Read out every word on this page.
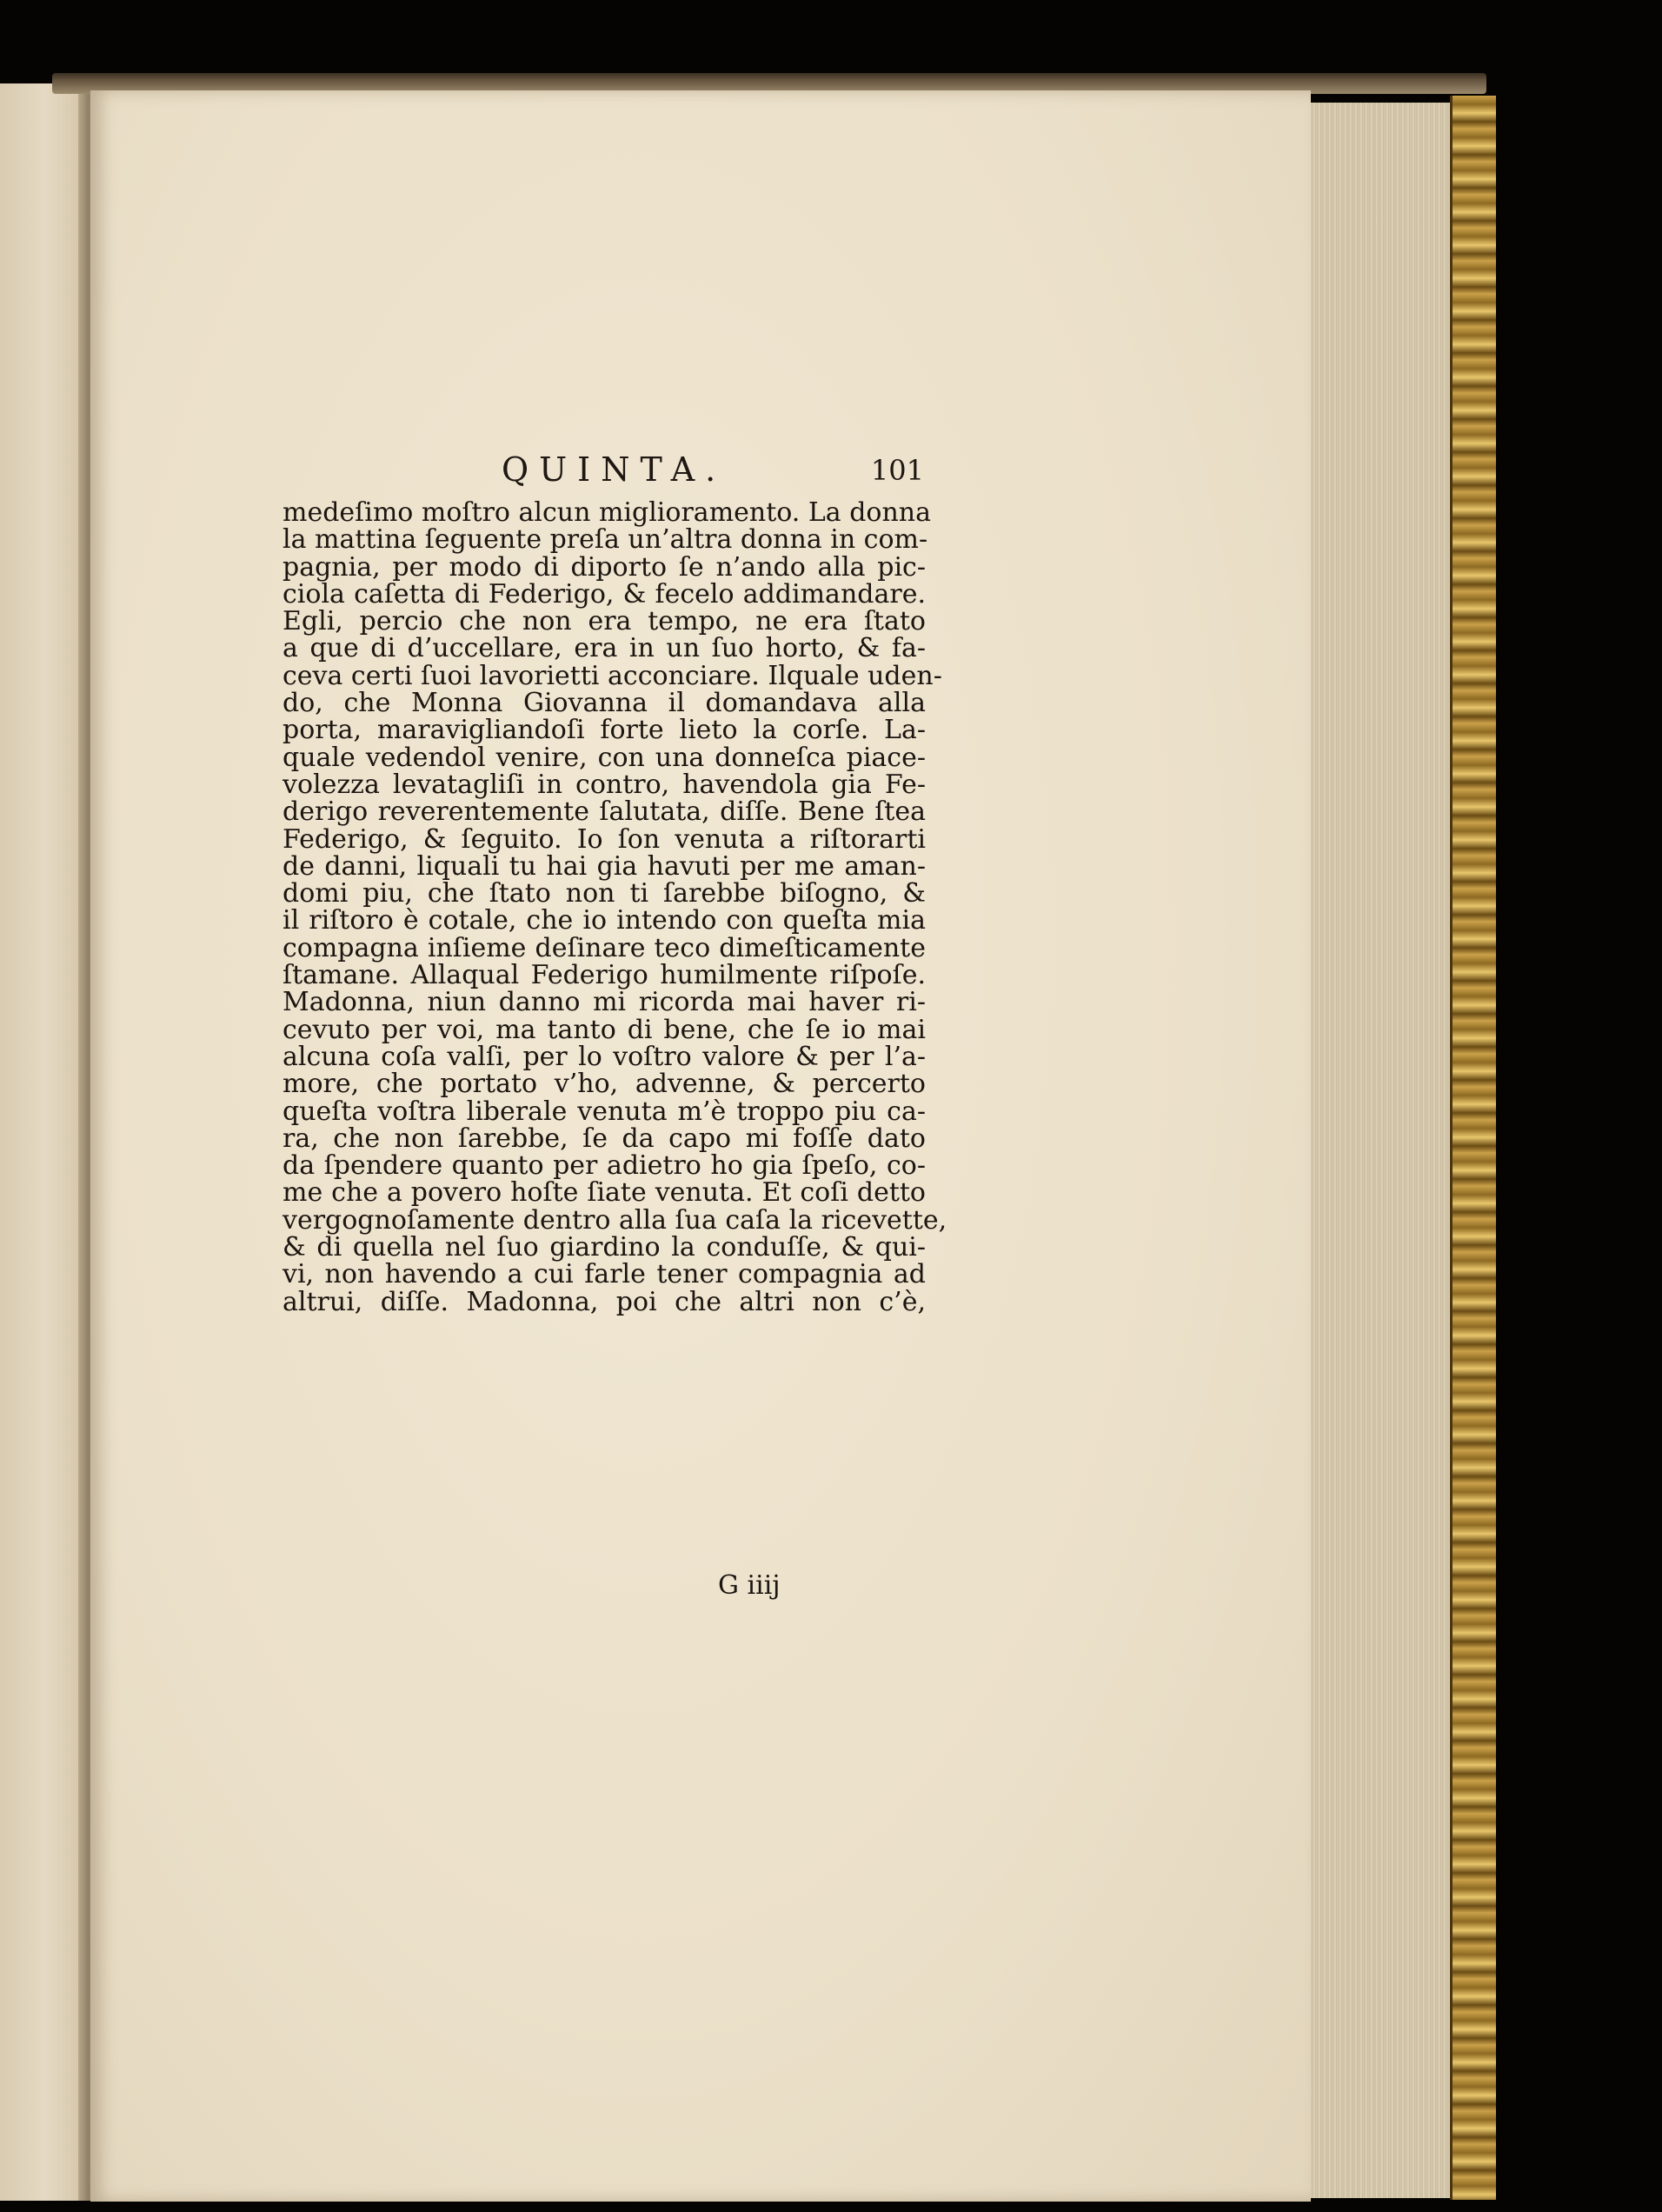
QUINTA.	101
medeſimo moſtro alcun miglioramento. La donna
la mattina ſeguente preſa un’altra donna in com-
pagnia, per modo di diporto ſe n’ando alla pic-
ciola caſetta di Federigo, & fecelo addimandare.
Egli, percio che non era tempo, ne era ſtato
a que di d’uccellare, era in un ſuo horto, & fa-
ceva certi ſuoi lavorietti acconciare. Ilquale uden-
do, che Monna Giovanna il domandava alla
porta, maravigliandoſi forte lieto la corſe. La-
quale vedendol venire, con una donneſca piace-
volezza levatagliſi in contro, havendola gia Fe-
derigo reverentemente ſalutata, diſſe. Bene ſtea
Federigo, & ſeguito. Io ſon venuta a riſtorarti
de danni, liquali tu hai gia havuti per me aman-
domi piu, che ſtato non ti ſarebbe biſogno, &
il riſtoro è cotale, che io intendo con queſta mia
compagna inſieme deſinare teco dimeſticamente
ſtamane. Allaqual Federigo humilmente riſpoſe.
Madonna, niun danno mi ricorda mai haver ri-
cevuto per voi, ma tanto di bene, che ſe io mai
alcuna coſa valſi, per lo voſtro valore & per l’a-
more, che portato v’ho, advenne, & percerto
queſta voſtra liberale venuta m’è troppo piu ca-
ra, che non ſarebbe, ſe da capo mi foſſe dato
da ſpendere quanto per adietro ho gia ſpeſo, co-
me che a povero hoſte ſiate venuta. Et coſi detto
vergognoſamente dentro alla ſua caſa la ricevette,
& di quella nel ſuo giardino la conduſſe, & qui-
vi, non havendo a cui farle tener compagnia ad
altrui, diſſe. Madonna, poi che altri non c’è,
G iiij
